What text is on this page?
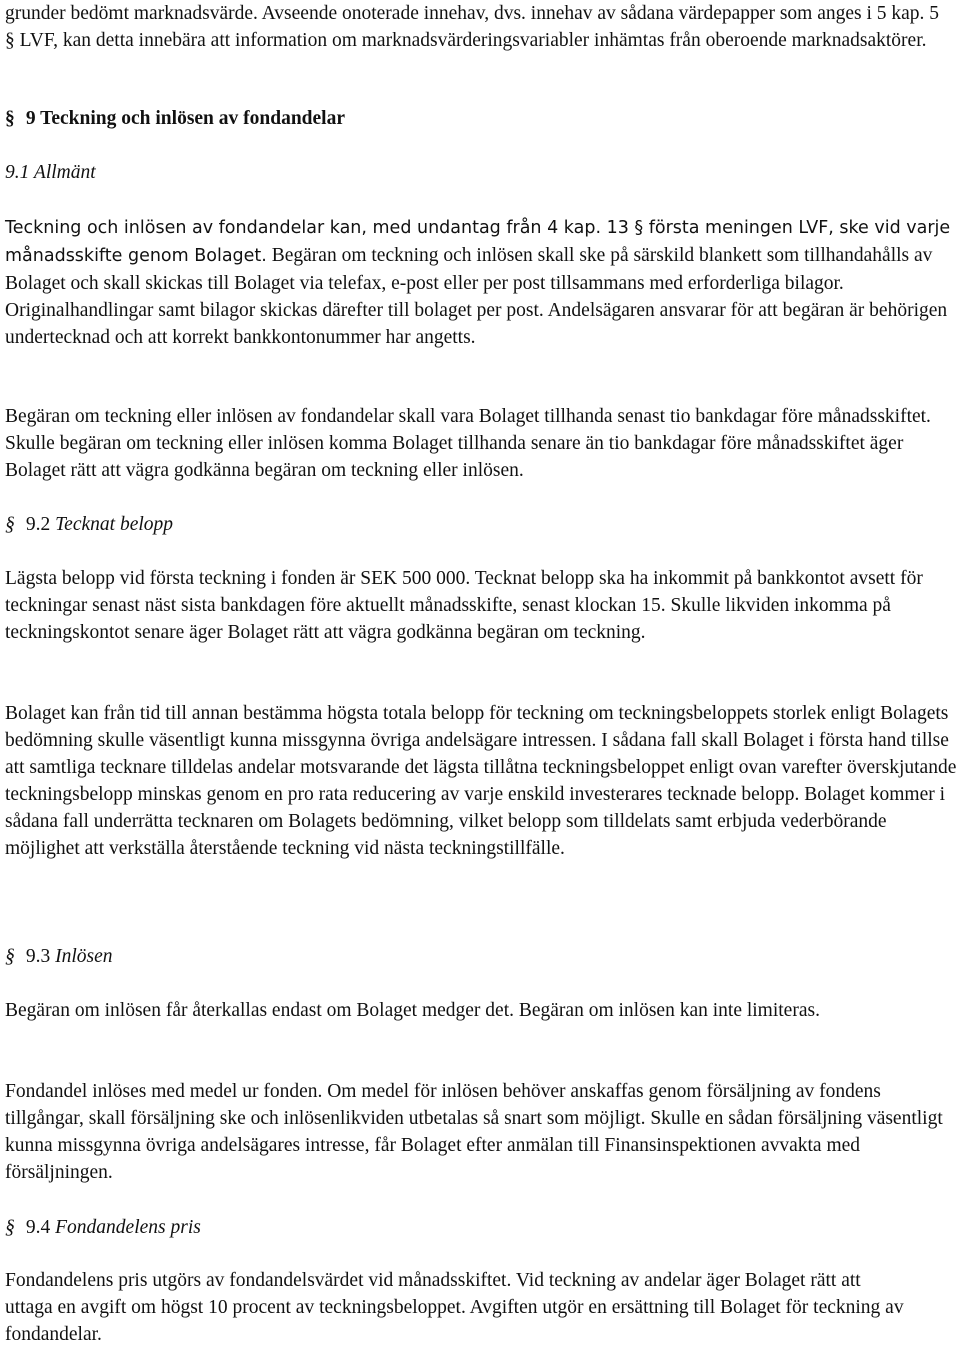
grunder bedömt marknadsvärde. Avseende onoterade innehav, dvs. innehav av sådana värdepapper som anges i 5 kap. 5 § LVF, kan detta innebära att information om marknadsvärderingsvariabler inhämtas från oberoende marknadsaktörer.

§ 9 Teckning och inlösen av fondandelar
9.1 Allmänt

Teckning och inlösen av fondandelar kan, med undantag från 4 kap. 13 § första meningen LVF, ske vid varje månadsskifte genom Bolaget. Begäran om teckning och inlösen skall ske på särskild blankett som tillhandahålls av Bolaget och skall skickas till Bolaget via telefax, e-post eller per post tillsammans med erforderliga bilagor. Originalhandlingar samt bilagor skickas därefter till bolaget per post. Andelsägaren ansvarar för att begäran är behörigen undertecknad och att korrekt bankkontonummer har angetts.

Begäran om teckning eller inlösen av fondandelar skall vara Bolaget tillhanda senast tio bankdagar före månadsskiftet. Skulle begäran om teckning eller inlösen komma Bolaget tillhanda senare än tio bankdagar före månadsskiftet äger Bolaget rätt att vägra godkänna begäran om teckning eller inlösen.

§ 9.2 Tecknat belopp

Lägsta belopp vid första teckning i fonden är SEK 500 000. Tecknat belopp ska ha inkommit på bankkontot avsett för teckningar senast näst sista bankdagen före aktuellt månadsskifte, senast klockan 15. Skulle likviden inkomma på teckningskontot senare äger Bolaget rätt att vägra godkänna begäran om teckning.

Bolaget kan från tid till annan bestämma högsta totala belopp för teckning om teckningsbeloppets storlek enligt Bolagets bedömning skulle väsentligt kunna missgynna övriga andelsägare intressen. I sådana fall skall Bolaget i första hand tillse att samtliga tecknare tilldelas andelar motsvarande det lägsta tillåtna teckningsbeloppet enligt ovan varefter överskjutande teckningsbelopp minskas genom en pro rata reducering av varje enskild investerares tecknade belopp. Bolaget kommer i sådana fall underrätta tecknaren om Bolagets bedömning, vilket belopp som tilldelats samt erbjuda vederbörande möjlighet att verkställa återstående teckning vid nästa teckningstillfälle.

§ 9.3 Inlösen

Begäran om inlösen får återkallas endast om Bolaget medger det. Begäran om inlösen kan inte limiteras.

Fondandel inlöses med medel ur fonden. Om medel för inlösen behöver anskaffas genom försäljning av fondens tillgångar, skall försäljning ske och inlösenlikviden utbetalas så snart som möjligt. Skulle en sådan försäljning väsentligt kunna missgynna övriga andelsägares intresse, får Bolaget efter anmälan till Finansinspektionen avvakta med försäljningen.

§ 9.4 Fondandelens pris

Fondandelens pris utgörs av fondandelsvärdet vid månadsskiftet. Vid teckning av andelar äger Bolaget rätt att uttaga en avgift om högst 10 procent av teckningsbeloppet. Avgiften utgör en ersättning till Bolaget för teckning av fondandelar.
